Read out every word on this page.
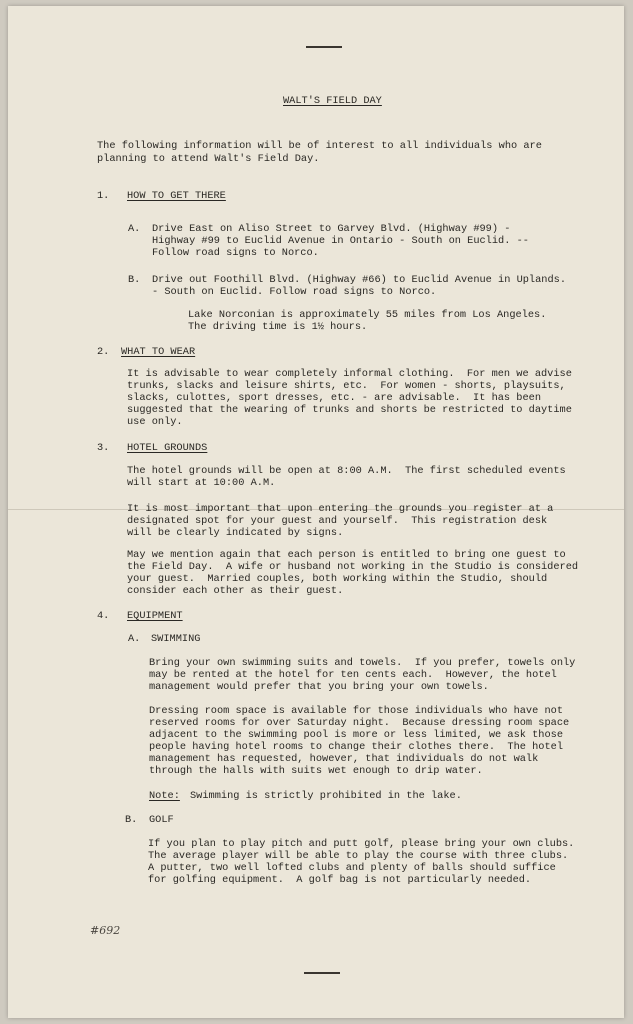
WALT'S FIELD DAY
The following information will be of interest to all individuals who are
planning to attend Walt's Field Day.
1. HOW TO GET THERE
A. Drive East on Aliso Street to Garvey Blvd. (Highway #99) -
Highway #99 to Euclid Avenue in Ontario - South on Euclid. --
Follow road signs to Norco.
B. Drive out Foothill Blvd. (Highway #66) to Euclid Avenue in Uplands.
- South on Euclid. Follow road signs to Norco.
Lake Norconian is approximately 55 miles from Los Angeles.
The driving time is 1½ hours.
2. WHAT TO WEAR
It is advisable to wear completely informal clothing.  For men we advise
trunks, slacks and leisure shirts, etc.  For women - shorts, playsuits,
slacks, culottes, sport dresses, etc. - are advisable.  It has been
suggested that the wearing of trunks and shorts be restricted to daytime
use only.
3. HOTEL GROUNDS
The hotel grounds will be open at 8:00 A.M.  The first scheduled events
will start at 10:00 A.M.
It is most important that upon entering the grounds you register at a
designated spot for your guest and yourself.  This registration desk
will be clearly indicated by signs.
May we mention again that each person is entitled to bring one guest to
the Field Day.  A wife or husband not working in the Studio is considered
your guest.  Married couples, both working within the Studio, should
consider each other as their guest.
4. EQUIPMENT
A. SWIMMING
Bring your own swimming suits and towels.  If you prefer, towels only
may be rented at the hotel for ten cents each.  However, the hotel
management would prefer that you bring your own towels.
Dressing room space is available for those individuals who have not
reserved rooms for over Saturday night.  Because dressing room space
adjacent to the swimming pool is more or less limited, we ask those
people having hotel rooms to change their clothes there.  The hotel
management has requested, however, that individuals do not walk
through the halls with suits wet enough to drip water.
Note: Swimming is strictly prohibited in the lake.
B. GOLF
If you plan to play pitch and putt golf, please bring your own clubs.
The average player will be able to play the course with three clubs.
A putter, two well lofted clubs and plenty of balls should suffice
for golfing equipment.  A golf bag is not particularly needed.
#692
